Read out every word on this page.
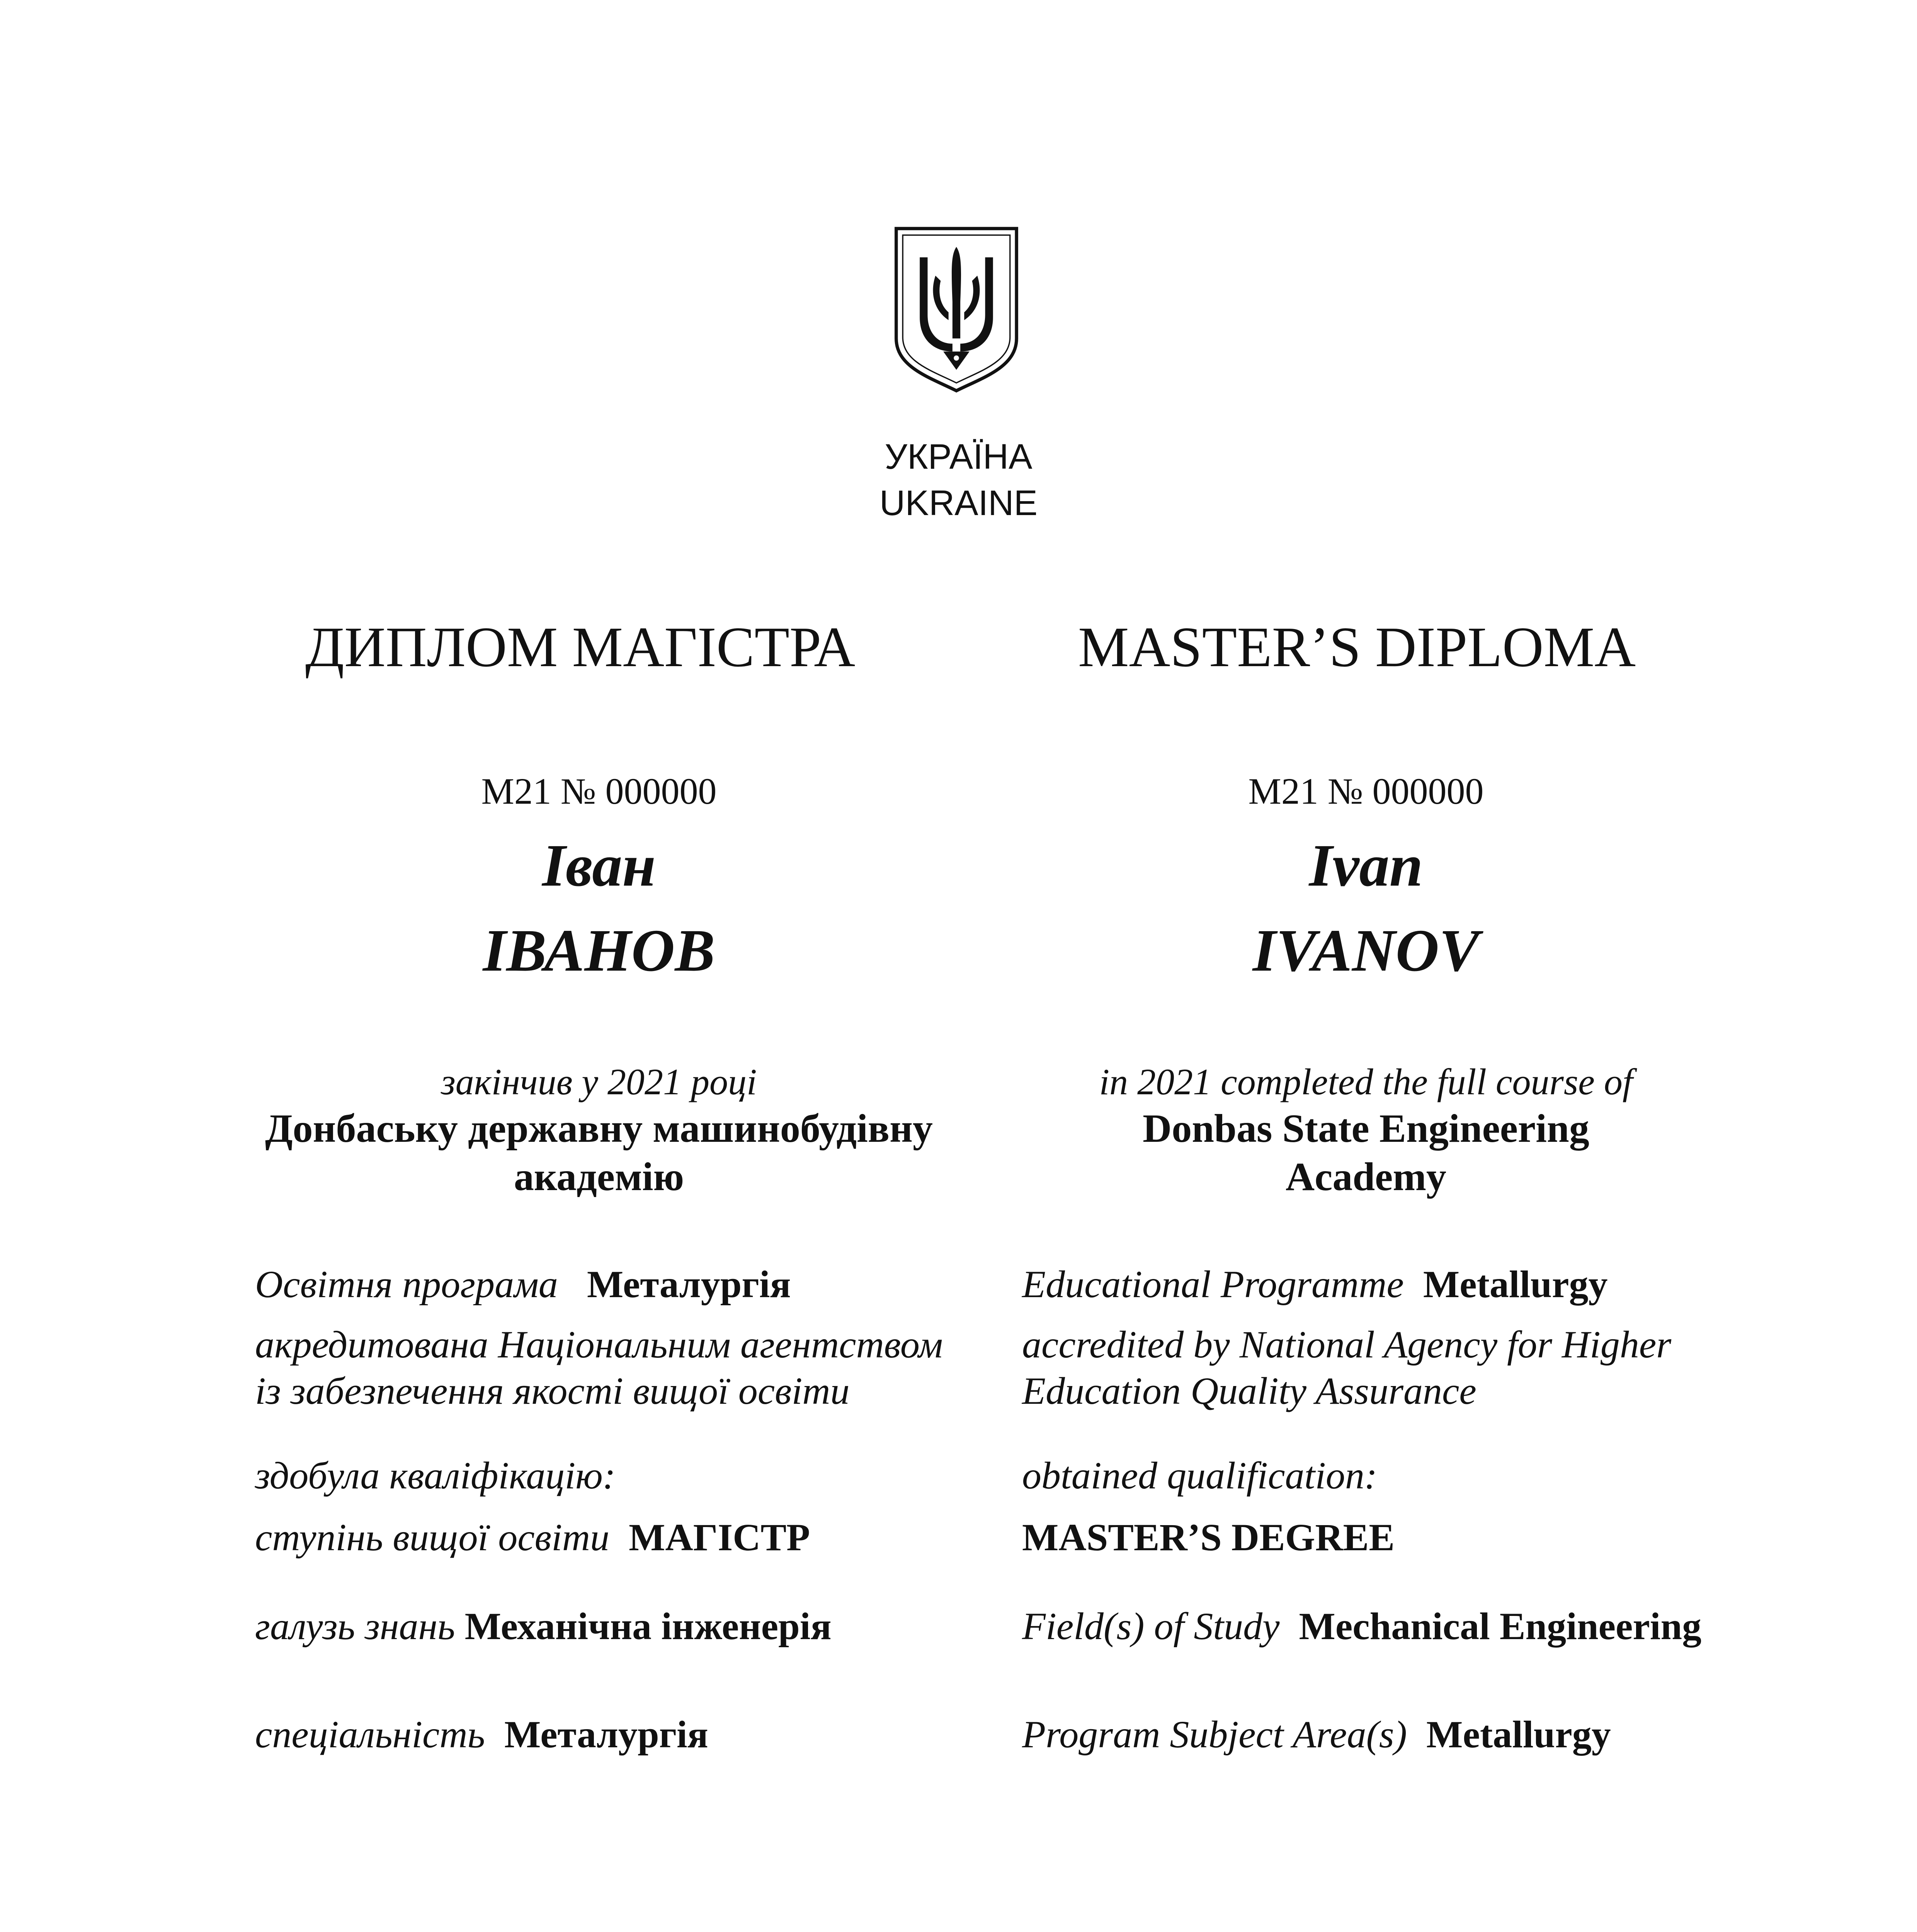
УКРАЇНА
UKRAINE
ДИПЛОМ МАГІСТРА	MASTER’S DIPLOMA
М21 № 000000	М21 № 000000
Іван
ІВАНОВ
Ivan
IVANOV
закінчив у 2021 році
Донбаську державну машинобудівну
академію
in 2021 completed the full course of
Donbas State Engineering
Academy
Освітня програма Металургія	Educational Programme Metallurgy
акредитована Національним агентством
із забезпечення якості вищої освіти
accredited by National Agency for Higher
Education Quality Assurance
здобула кваліфікацію:	obtained qualification:
ступінь вищої освіти МАГІСТР	MASTER’S DEGREE
галузь знань Механічна інженерія	Field(s) of Study Mechanical Engineering
спеціальність Металургія	Program Subject Area(s) Metallurgy
